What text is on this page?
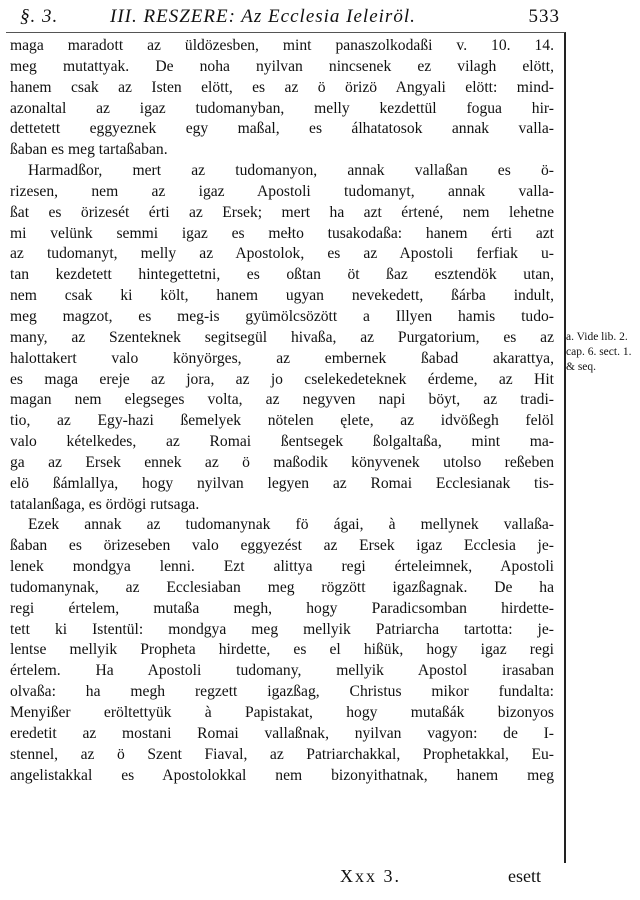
§. 3.	III. RESZERE: Az Ecclesia Ieleiröl.	533
maga maradott az üldözesben, mint panaszolkodaßi v. 10. 14.
meg mutattyak. De noha nyilvan nincsenek ez vilagh elött,
hanem csak az Isten elött, es az ö örizö Angyali elött: mind-
azonaltal az igaz tudomanyban, melly kezdettül fogua hir-
dettetett eggyeznek egy maßal, es álhatatosok annak valla-
ßaban es meg tartaßaban.
Harmadßor, mert az tudomanyon, annak vallaßan es ö-
rizesen, nem az igaz Apostoli tudomanyt, annak valla-
ßat es örizesét érti az Ersek; mert ha azt értené, nem lehetne
mi velünk semmi igaz es mełto tusakodaßa: hanem érti azt
az tudomanyt, melly az Apostolok, es az Apostoli ferfiak u-
tan kezdetett hintegettetni, es oßtan öt ßaz esztendök utan,
nem csak ki költ, hanem ugyan nevekedett, ßárba indult,
meg magzot, es meg-is gyümölcsözött a Illyen hamis tudo-
many, az Szenteknek segitsegül hivaßa, az Purgatorium, es az
halottakert valo könyörges, az embernek ßabad akarattya,
es maga ereje az jora, az jo cselekedeteknek érdeme, az Hit
magan nem elegseges volta, az negyven napi böyt, az tradi-
tio, az Egy-hazi ßemelyek nötelen ęlete, az idvößegh felöl
valo kételkedes, az Romai ßentsegek ßolgaltaßa, mint ma-
ga az Ersek ennek az ö maßodik könyvenek utolso reßeben
elö ßámlallya, hogy nyilvan legyen az Romai Ecclesianak tis-
tatalanßaga, es ördögi rutsaga.
Ezek annak az tudomanynak fö ágai, à mellynek vallaßa-
ßaban es örizeseben valo eggyezést az Ersek igaz Ecclesia je-
lenek mondgya lenni. Ezt alittya regi érteleimnek, Apostoli
tudomanynak, az Ecclesiaban meg rögzött igazßagnak. De ha
regi értelem, mutaßa megh, hogy Paradicsomban hirdette-
tett ki Istentül: mondgya meg mellyik Patriarcha tartotta: je-
lentse mellyik Propheta hirdette, es el hißük, hogy igaz regi
értelem. Ha Apostoli tudomany, mellyik Apostol irasaban
olvaßa: ha megh regzett igazßag, Christus mikor fundalta:
Menyißer eröltettyük à Papistakat, hogy mutaßák bizonyos
eredetit az mostani Romai vallaßnak, nyilvan vagyon: de I-
stennel, az ö Szent Fiaval, az Patriarchakkal, Prophetakkal, Eu-
angelistakkal es Apostolokkal nem bizonyithatnak, hanem meg
a. Vide lib. 2. cap. 6. sect. 1. & seq.
Xxx 3.	esett
